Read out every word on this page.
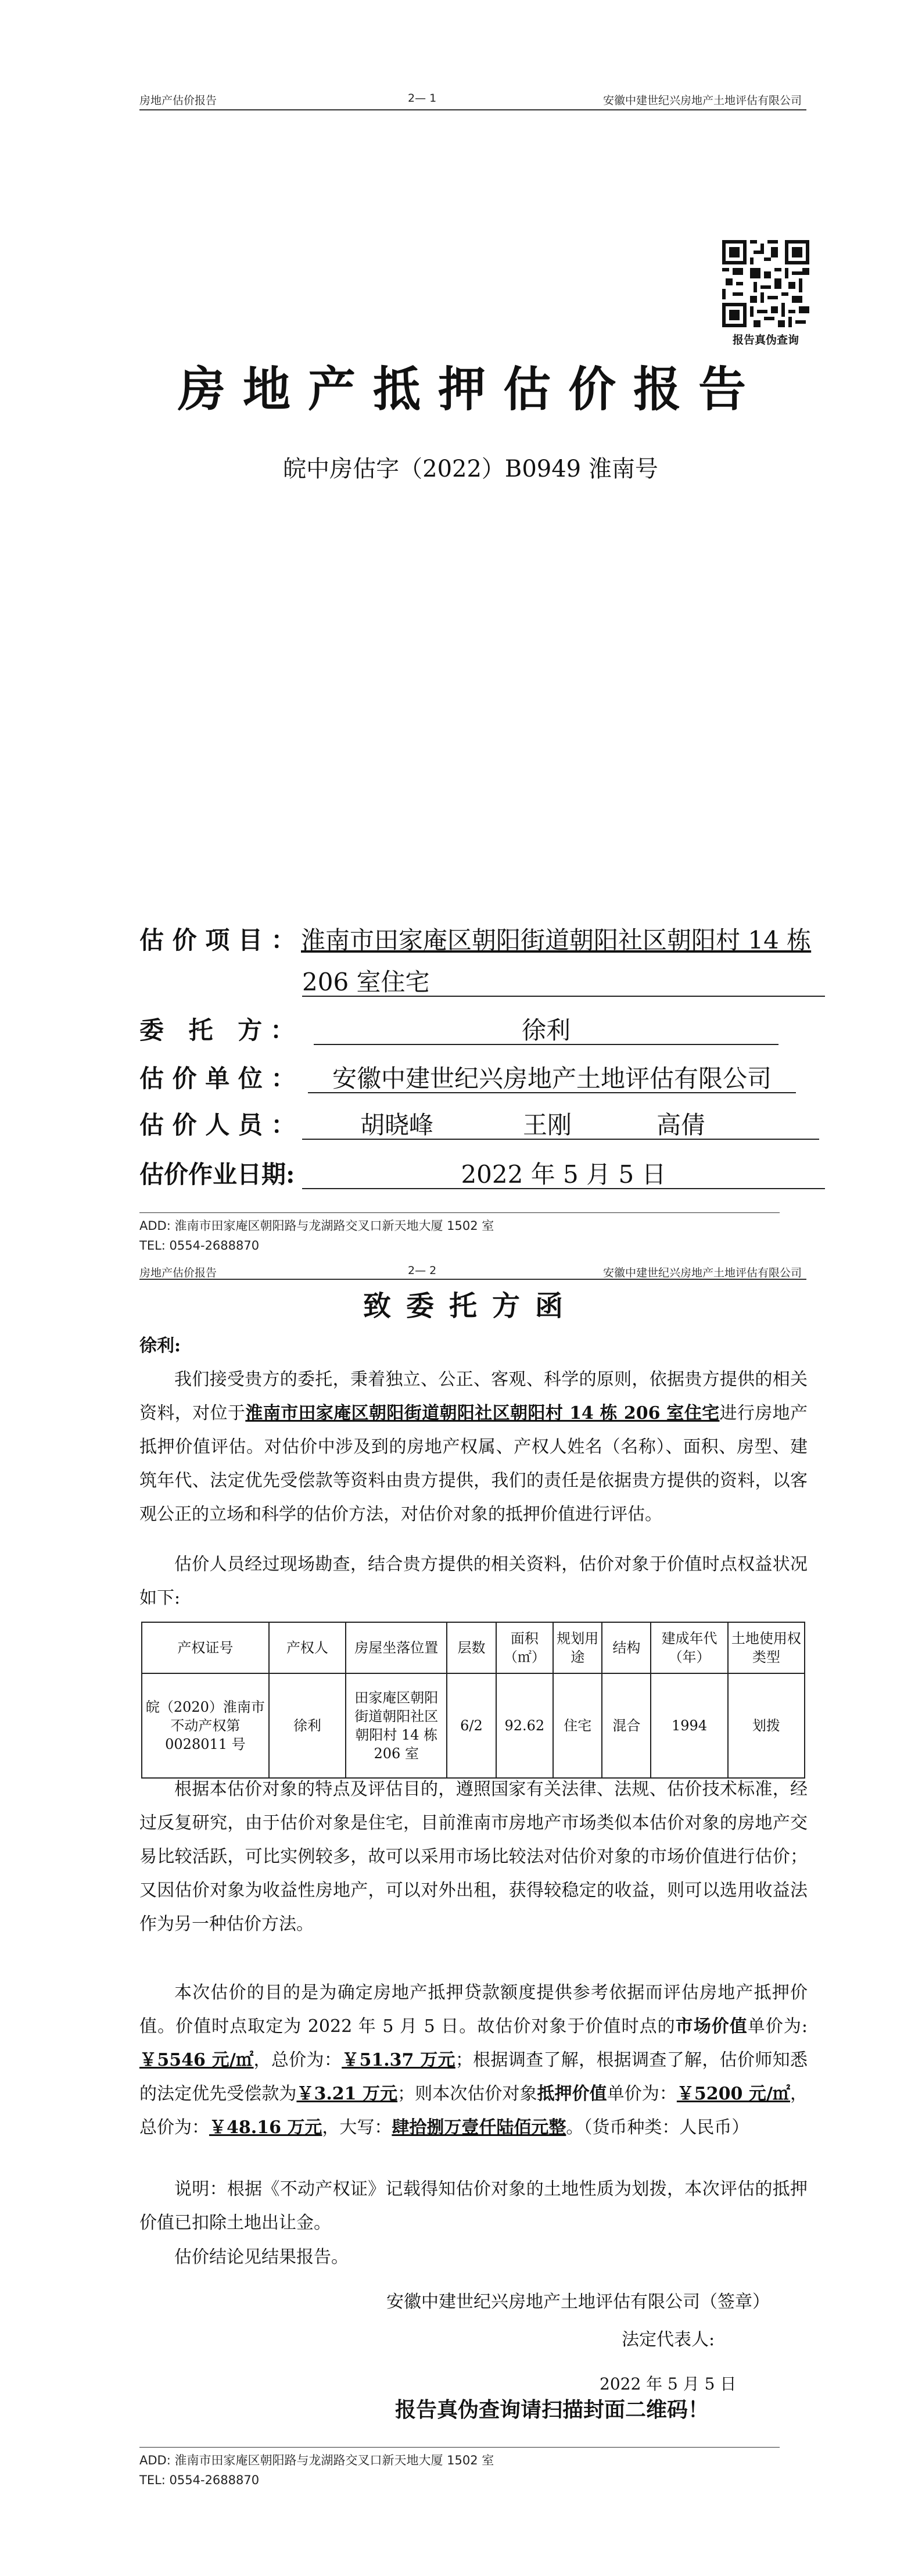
房地产估价报告	2— 1	安徽中建世纪兴房地产土地评估有限公司
报告真伪查询
房地产抵押估价报告
皖中房估字（2022）B0949 淮南号
估 价 项 目 ： 淮南市田家庵区朝阳街道朝阳社区朝阳村 14 栋
206 室住宅
委 托 方：	徐利
估 价 单 位 ：	安徽中建世纪兴房地产土地评估有限公司
估 价 人 员 ：	胡晓峰	王刚	高倩
估价作业日期:	2022 年 5 月 5 日
ADD: 淮南市田家庵区朝阳路与龙湖路交叉口新天地大厦 1502 室
TEL: 0554-2688870
房地产估价报告	2— 2	安徽中建世纪兴房地产土地评估有限公司
致委托方函
徐利:
我们接受贵方的委托，秉着独立、公正、客观、科学的原则，依据贵方提供的相关资料，对位于淮南市田家庵区朝阳街道朝阳社区朝阳村 14 栋 206 室住宅进行房地产抵押价值评估。对估价中涉及到的房地产权属、产权人姓名（名称）、面积、房型、建筑年代、法定优先受偿款等资料由贵方提供，我们的责任是依据贵方提供的资料，以客观公正的立场和科学的估价方法，对估价对象的抵押价值进行评估。
估价人员经过现场勘查，结合贵方提供的相关资料，估价对象于价值时点权益状况如下:
产权证号	产权人	房屋坐落位置	层数	面积（㎡）	规划用途	结构	建成年代（年）	土地使用权类型
皖（2020）淮南市不动产权第 0028011 号	徐利	田家庵区朝阳街道朝阳社区朝阳村 14 栋 206 室	6/2	92.62	住宅	混合	1994	划拨
根据本估价对象的特点及评估目的，遵照国家有关法律、法规、估价技术标准，经过反复研究，由于估价对象是住宅，目前淮南市房地产市场类似本估价对象的房地产交易比较活跃，可比实例较多，故可以采用市场比较法对估价对象的市场价值进行估价；又因估价对象为收益性房地产，可以对外出租，获得较稳定的收益，则可以选用收益法作为另一种估价方法。
本次估价的目的是为确定房地产抵押贷款额度提供参考依据而评估房地产抵押价值。价值时点取定为 2022 年 5 月 5 日。故估价对象于价值时点的市场价值单价为:￥5546 元/㎡，总价为：￥51.37 万元；根据调查了解，根据调查了解，估价师知悉的法定优先受偿款为￥3.21 万元；则本次估价对象抵押价值单价为：￥5200 元/㎡，总价为：￥48.16 万元，大写：肆拾捌万壹仟陆佰元整。（货币种类：人民币）
说明：根据《不动产权证》记载得知估价对象的土地性质为划拨，本次评估的抵押价值已扣除土地出让金。
估价结论见结果报告。
安徽中建世纪兴房地产土地评估有限公司（签章）
法定代表人:
2022 年 5 月 5 日
报告真伪查询请扫描封面二维码！
ADD: 淮南市田家庵区朝阳路与龙湖路交叉口新天地大厦 1502 室
TEL: 0554-2688870
